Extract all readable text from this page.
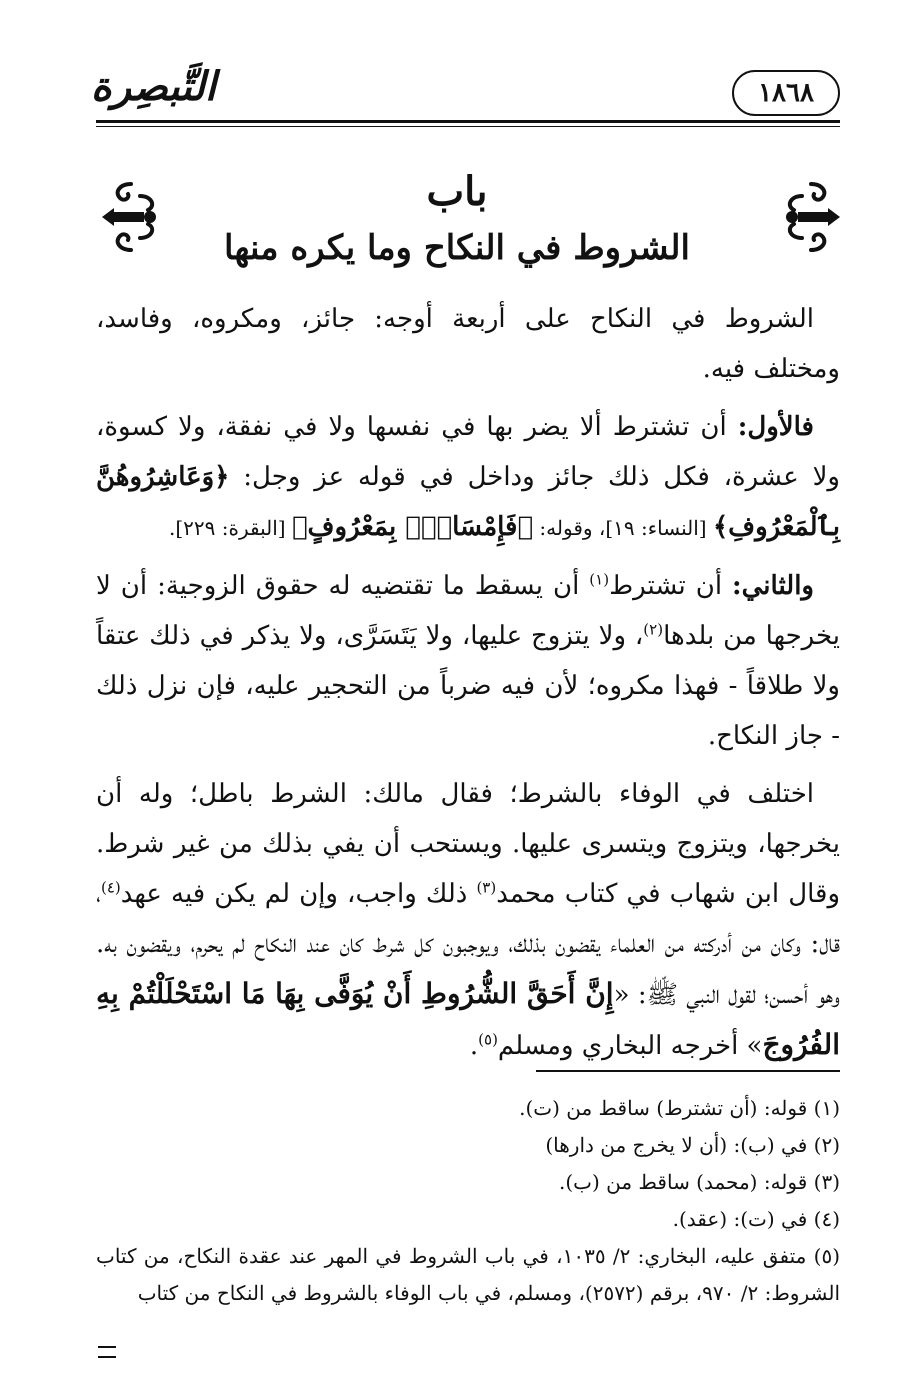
التَّبصِرة	١٨٦٨
باب
الشروط في النكاح وما يكره منها

الشروط في النكاح على أربعة أوجه: جائز، ومكروه، وفاسد، ومختلف فيه.

فالأول: أن تشترط ألا يضر بها في نفسها ولا في نفقة، ولا كسوة، ولا عشرة، فكل ذلك جائز وداخل في قوله عز وجل: ﴿وَعَاشِرُوهُنَّ بِٱلْمَعْرُوفِ﴾ [النساء: ١٩]، وقوله: ﴿فَإِمْسَاكٌۢ بِمَعْرُوفٍ﴾ [البقرة: ٢٢٩].

والثاني: أن تشترط$^{(١)}$ أن يسقط ما تقتضيه له حقوق الزوجية: أن لا يخرجها من بلدها$^{(٢)}$، ولا يتزوج عليها، ولا يَتَسَرَّى، ولا يذكر في ذلك عتقاً ولا طلاقاً - فهذا مكروه؛ لأن فيه ضرباً من التحجير عليه، فإن نزل ذلك - جاز النكاح.

اختلف في الوفاء بالشرط؛ فقال مالك: الشرط باطل؛ وله أن يخرجها، ويتزوج ويتسرى عليها. ويستحب أن يفي بذلك من غير شرط. وقال ابن شهاب في كتاب محمد$^{(٣)}$ ذلك واجب، وإن لم يكن فيه عهد$^{(٤)}$، قال: وكان من أدركته من العلماء يقضون بذلك، ويوجبون كل شرط كان عند النكاح لم يحرم، ويقضون به. وهو أحسن؛ لقول النبي ﷺ: «إِنَّ أَحَقَّ الشُّرُوطِ أَنْ يُوَفَّى بِهَا مَا اسْتَحْلَلْتُمْ بِهِ الفُرُوجَ» أخرجه البخاري ومسلم$^{(٥)}$.

(١) قوله: (أن تشترط) ساقط من (ت).
(٢) في (ب): (أن لا يخرج من دارها)
(٣) قوله: (محمد) ساقط من (ب).
(٤) في (ت): (عقد).
(٥) متفق عليه، البخاري: ٢/ ١٠٣٥، في باب الشروط في المهر عند عقدة النكاح، من كتاب الشروط: ٢/ ٩٧٠، برقم (٢٥٧٢)، ومسلم، في باب الوفاء بالشروط في النكاح من كتاب
